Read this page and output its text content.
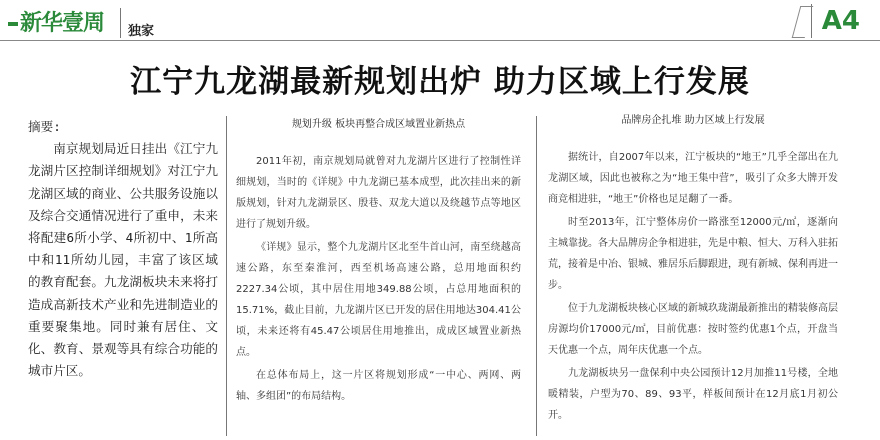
新华壹周 独家	A4
江宁九龙湖最新规划出炉 助力区域上行发展
摘要:
南京规划局近日挂出《江宁九龙湖片区控制详细规划》对江宁九龙湖区域的商业、公共服务设施以及综合交通情况进行了重申，未来将配建6所小学、4所初中、1所高中和11所幼儿园，丰富了该区域的教育配套。九龙湖板块未来将打造成高新技术产业和先进制造业的重要聚集地。同时兼有居住、文化、教育、景观等具有综合功能的城市片区。
规划升级 板块再整合成区域置业新热点

2011年初，南京规划局就曾对九龙湖片区进行了控制性详细规划，当时的《详规》中九龙湖已基本成型，此次挂出来的新版规划，针对九龙湖景区、殷巷、双龙大道以及绕越节点等地区进行了规划升级。

《详规》显示，整个九龙湖片区北至牛首山河，南至绕越高速公路，东至秦淮河，西至机场高速公路，总用地面积约2227.34公顷，其中居住用地349.88公顷，占总用地面积的15.71%，截止目前，九龙湖片区已开发的居住用地达304.41公顷，未来还将有45.47公顷居住用地推出，成成区域置业新热点。

在总体布局上，这一片区将规划形成“一中心、两网、两轴、多组团”的布局结构。

品牌房企扎堆 助力区域上行发展

据统计，自2007年以来，江宁板块的“地王”几乎全部出在九龙湖区域，因此也被称之为“地王集中营”，吸引了众多大牌开发商竞相进驻，“地王”价格也足足翻了一番。

时至2013年，江宁整体房价一路涨至12000元/㎡，逐渐向主城靠拢。各大品牌房企争相进驻，先是中粮、恒大、万科入驻拓荒，接着是中冶、银城、雅居乐后脚跟进，现有新城、保利再进一步。

位于九龙湖板块核心区域的新城玖珑湖最新推出的精装修高层房源均价17000元/㎡，目前优惠：按时签约优惠1个点，开盘当天优惠一个点，周年庆优惠一个点。

九龙湖板块另一盘保利中央公园预计12月加推11号楼，全地暖精装，户型为70、89、93平，样板间预计在12月底1月初公开。
